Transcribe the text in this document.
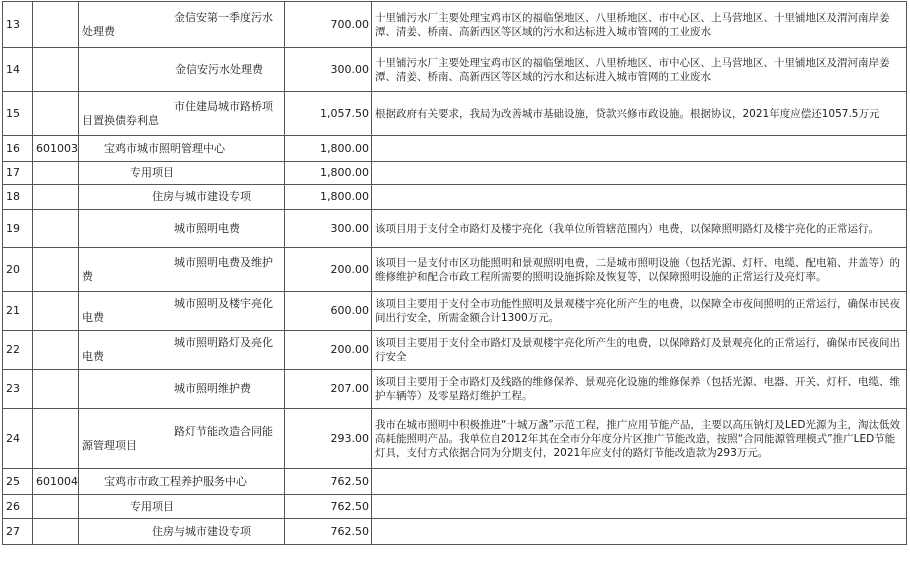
13		金信安第一季度污水
处理费	700.00	十里铺污水厂主要处理宝鸡市区的福临堡地区、八里桥地区、市中心区、上马营地区、十里铺地区及渭河南岸姜潭、清姜、桥南、高新西区等区域的污水和达标进入城市管网的工业废水
14		金信安污水处理费	300.00	十里铺污水厂主要处理宝鸡市区的福临堡地区、八里桥地区、市中心区、上马营地区、十里铺地区及渭河南岸姜潭、清姜、桥南、高新西区等区域的污水和达标进入城市管网的工业废水
15		市住建局城市路桥项
目置换债券利息	1,057.50	根据政府有关要求，我局为改善城市基础设施，贷款兴修市政设施。根据协议，2021年度应偿还1057.5万元
16	601003	宝鸡市城市照明管理中心	1,800.00	
17		专用项目	1,800.00	
18		住房与城市建设专项	1,800.00	
19		城市照明电费	300.00	该项目用于支付全市路灯及楼宇亮化（我单位所管辖范围内）电费，以保障照明路灯及楼宇亮化的正常运行。
20		城市照明电费及维护
费	200.00	该项目一是支付市区功能照明和景观照明电费，二是城市照明设施（包括光源、灯杆、电缆、配电箱、井盖等）的维修维护和配合市政工程所需要的照明设施拆除及恢复等，以保障照明设施的正常运行及亮灯率。
21		城市照明及楼宇亮化
电费	600.00	该项目主要用于支付全市功能性照明及景观楼宇亮化所产生的电费，以保障全市夜间照明的正常运行，确保市民夜间出行安全，所需金额合计1300万元。
22		城市照明路灯及亮化
电费	200.00	该项目主要用于支付全市路灯及景观楼宇亮化所产生的电费，以保障路灯及景观亮化的正常运行，确保市民夜间出行安全
23		城市照明维护费	207.00	该项目主要用于全市路灯及线路的维修保养、景观亮化设施的维修保养（包括光源、电器、开关、灯杆、电缆、维护车辆等）及零星路灯维护工程。
24		路灯节能改造合同能
源管理项目	293.00	我市在城市照明中积极推进“十城万盏”示范工程，推广应用节能产品，主要以高压钠灯及LED光源为主，淘汰低效高耗能照明产品。我单位自2012年其在全市分年度分片区推广节能改造，按照“合同能源管理模式”推广LED节能灯具，支付方式依据合同为分期支付，2021年应支付的路灯节能改造款为293万元。
25	601004	宝鸡市市政工程养护服务中心	762.50	
26		专用项目	762.50	
27		住房与城市建设专项	762.50	
